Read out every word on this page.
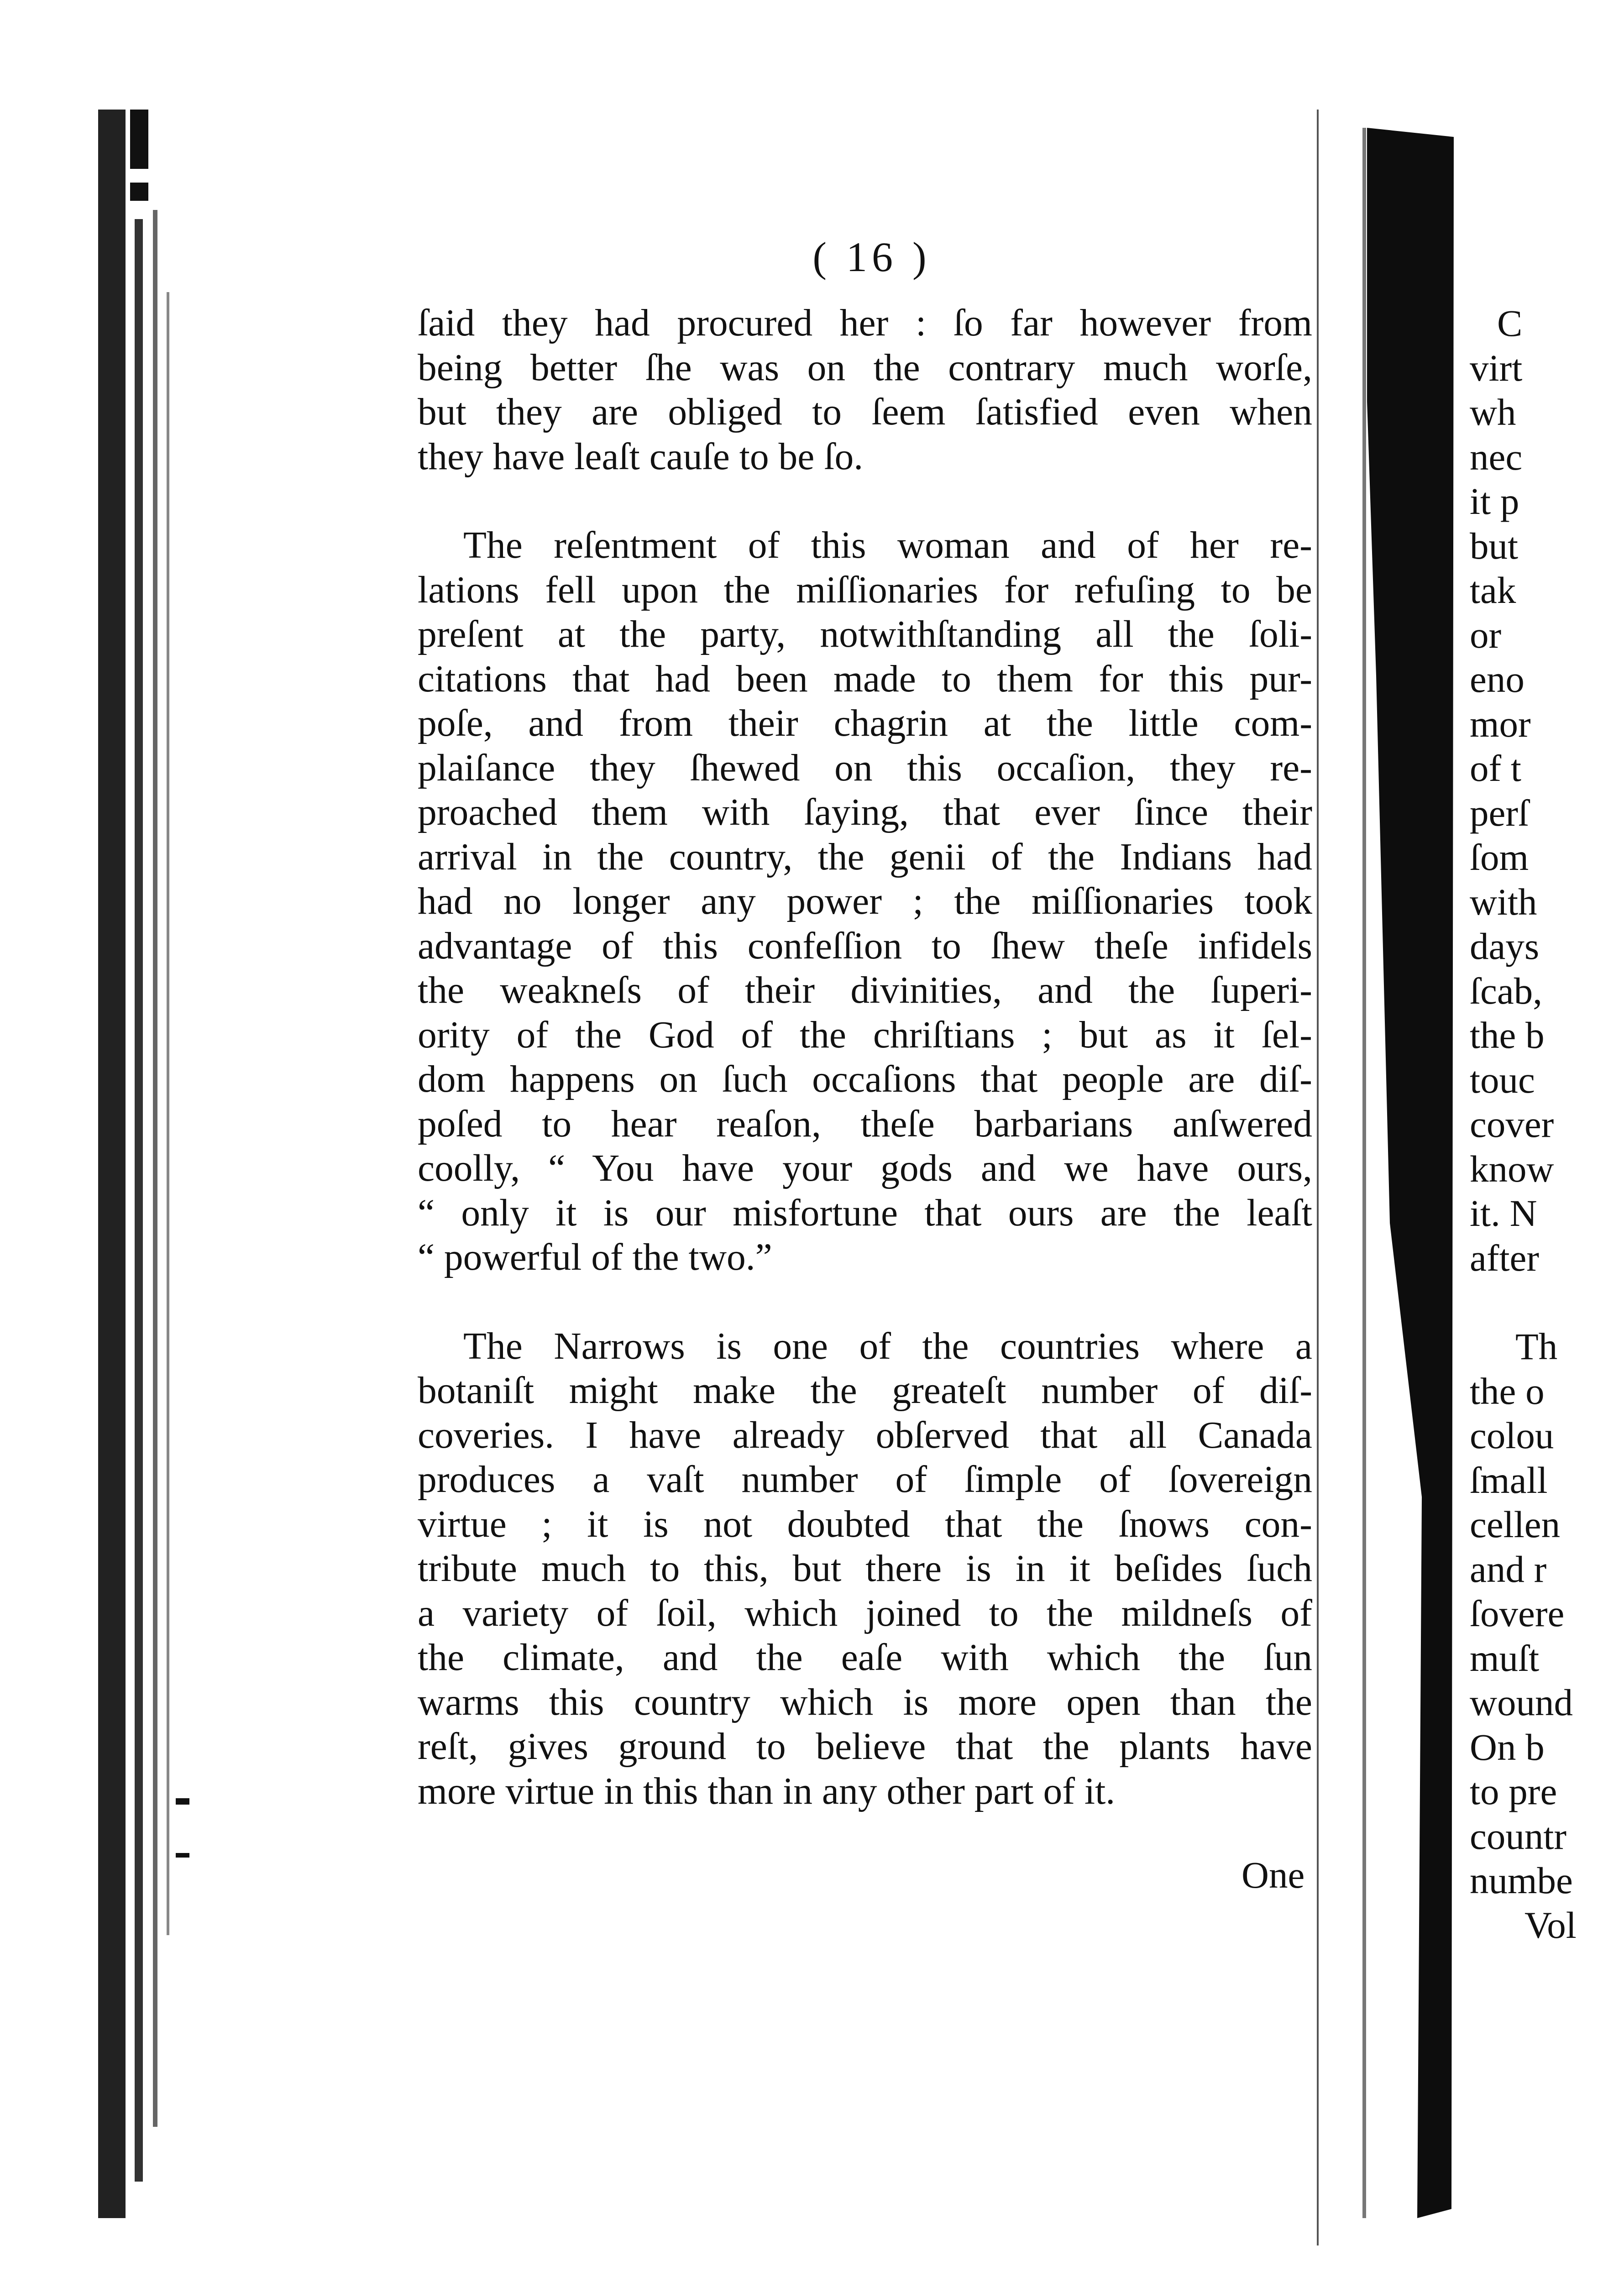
( 16 )
ſaid they had procured her : ſo far however from
being better ſhe was on the contrary much worſe,
but they are obliged to ſeem ſatisfied even when
they have leaſt cauſe to be ſo.
The reſentment of this woman and of her re-
lations fell upon the miſſionaries for refuſing to be
preſent at the party, notwithſtanding all the ſoli-
citations that had been made to them for this pur-
poſe, and from their chagrin at the little com-
plaiſance they ſhewed on this occaſion, they re-
proached them with ſaying, that ever ſince their
arrival in the country, the genii of the Indians had
had no longer any power ; the miſſionaries took
advantage of this confeſſion to ſhew theſe infidels
the weakneſs of their divinities, and the ſuperi-
ority of the God of the chriſtians ; but as it ſel-
dom happens on ſuch occaſions that people are diſ-
poſed to hear reaſon, theſe barbarians anſwered
coolly, “ You have your gods and we have ours,
“ only it is our misfortune that ours are the leaſt
“ powerful of the two.”
The Narrows is one of the countries where a
botaniſt might make the greateſt number of diſ-
coveries. I have already obſerved that all Canada
produces a vaſt number of ſimple of ſovereign
virtue ; it is not doubted that the ſnows con-
tribute much to this, but there is in it beſides ſuch
a variety of ſoil, which joined to the mildneſs of
the climate, and the eaſe with which the ſun
warms this country which is more open than the
reſt, gives ground to believe that the plants have
more virtue in this than in any other part of it.
One
C
virt
wh
nec
it p
but
tak
or
eno
mor
of t
perſ
ſom
with
days
ſcab,
the b
touc
cover
know
it. N
after
Th
the o
colou
ſmall
cellen
and r
ſovere
muſt
wound
On b
to pre
countr
numbe
Vol
